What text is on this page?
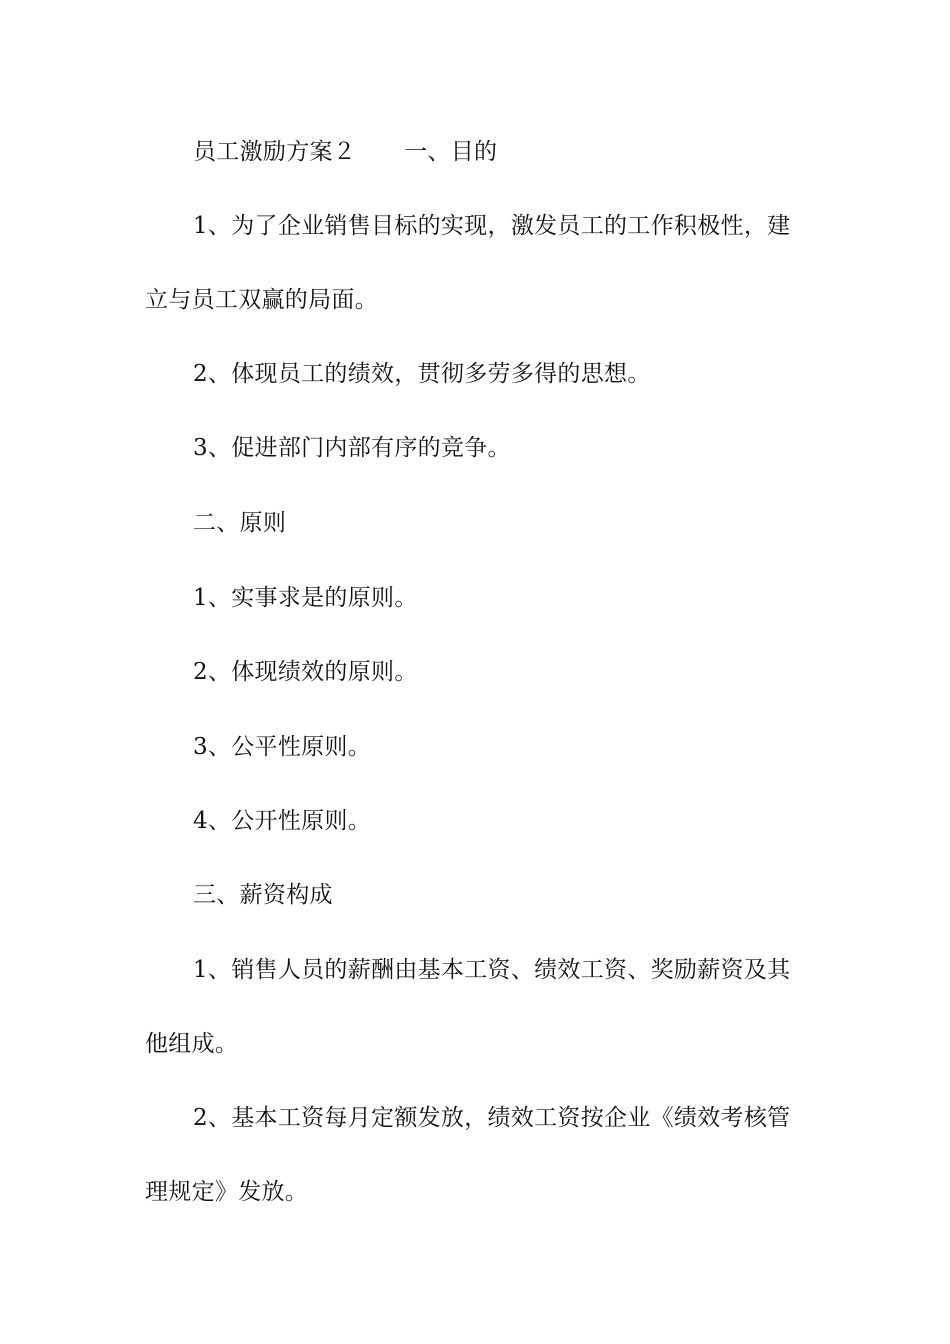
员工激励方案２ 一、目的
1、为了企业销售目标的实现，激发员工的工作积极性，建
立与员工双赢的局面。
2、体现员工的绩效，贯彻多劳多得的思想。
3、促进部门内部有序的竞争。
二、原则
1、实事求是的原则。
2、体现绩效的原则。
3、公平性原则。
4、公开性原则。
三、薪资构成
1、销售人员的薪酬由基本工资、绩效工资、奖励薪资及其
他组成。
2、基本工资每月定额发放，绩效工资按企业《绩效考核管
理规定》发放。
